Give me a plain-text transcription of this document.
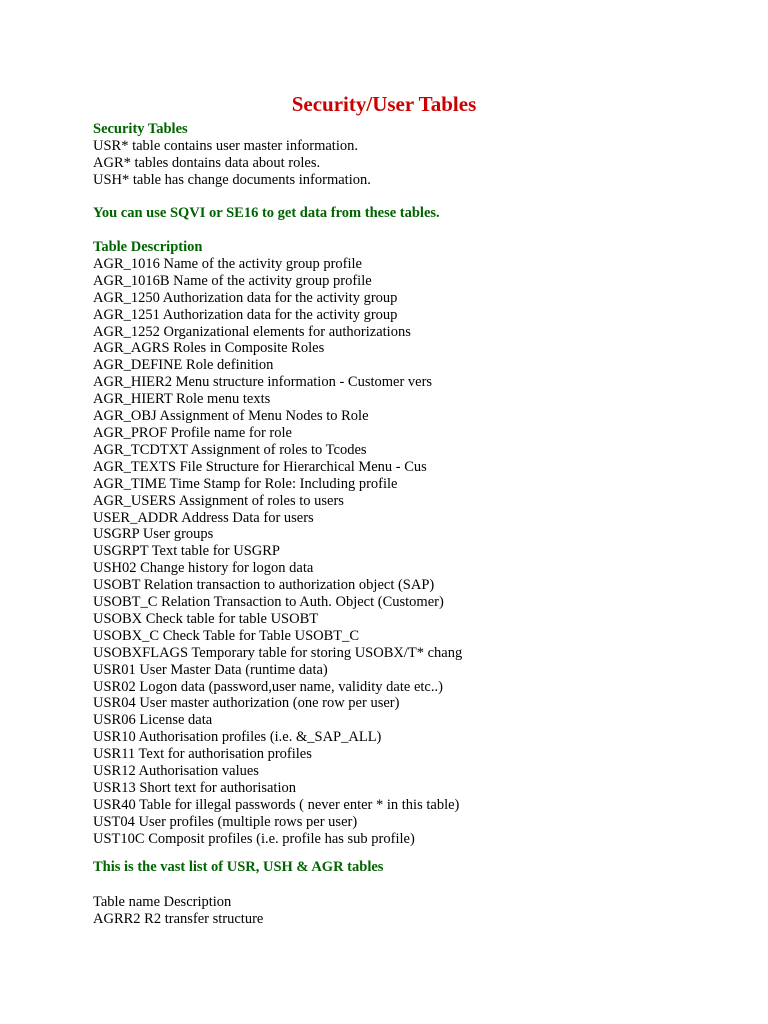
Security/User Tables
Security Tables
USR* table contains user master information.
AGR* tables dontains data about roles.
USH* table has change documents information.
You can use SQVI or SE16 to get data from these tables.
Table Description
AGR_1016 Name of the activity group profile
AGR_1016B Name of the activity group profile
AGR_1250 Authorization data for the activity group
AGR_1251 Authorization data for the activity group
AGR_1252 Organizational elements for authorizations
AGR_AGRS Roles in Composite Roles
AGR_DEFINE Role definition
AGR_HIER2 Menu structure information - Customer vers
AGR_HIERT Role menu texts
AGR_OBJ Assignment of Menu Nodes to Role
AGR_PROF Profile name for role
AGR_TCDTXT Assignment of roles to Tcodes
AGR_TEXTS File Structure for Hierarchical Menu - Cus
AGR_TIME Time Stamp for Role: Including profile
AGR_USERS Assignment of roles to users
USER_ADDR Address Data for users
USGRP User groups
USGRPT Text table for USGRP
USH02 Change history for logon data
USOBT Relation transaction to authorization object (SAP)
USOBT_C Relation Transaction to Auth. Object (Customer)
USOBX Check table for table USOBT
USOBX_C Check Table for Table USOBT_C
USOBXFLAGS Temporary table for storing USOBX/T* chang
USR01 User Master Data (runtime data)
USR02 Logon data (password,user name, validity date etc..)
USR04 User master authorization (one row per user)
USR06 License data
USR10 Authorisation profiles (i.e. &_SAP_ALL)
USR11 Text for authorisation profiles
USR12 Authorisation values
USR13 Short text for authorisation
USR40 Table for illegal passwords ( never enter * in this table)
UST04 User profiles (multiple rows per user)
UST10C Composit profiles (i.e. profile has sub profile)
This is the vast list of USR, USH & AGR tables
Table name Description
AGRR2 R2 transfer structure
